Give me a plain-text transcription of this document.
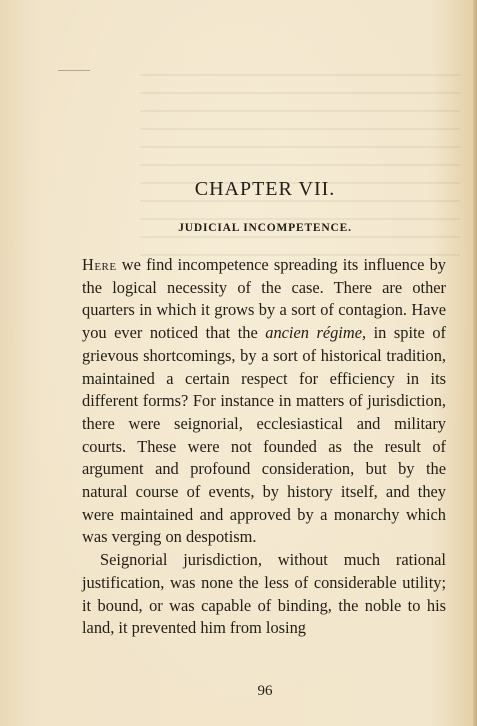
CHAPTER VII.
JUDICIAL INCOMPETENCE.

Here we find incompetence spreading its influence by the logical necessity of the case. There are other quarters in which it grows by a sort of contagion. Have you ever noticed that the ancien régime, in spite of grievous shortcomings, by a sort of historical tradition, maintained a certain respect for efficiency in its different forms? For instance in matters of jurisdiction, there were seignorial, ecclesiastical and military courts. These were not founded as the result of argument and profound consideration, but by the natural course of events, by history itself, and they were maintained and approved by a monarchy which was verging on despotism.

Seignorial jurisdiction, without much rational justification, was none the less of considerable utility; it bound, or was capable of binding, the noble to his land, it prevented him from losing

96
